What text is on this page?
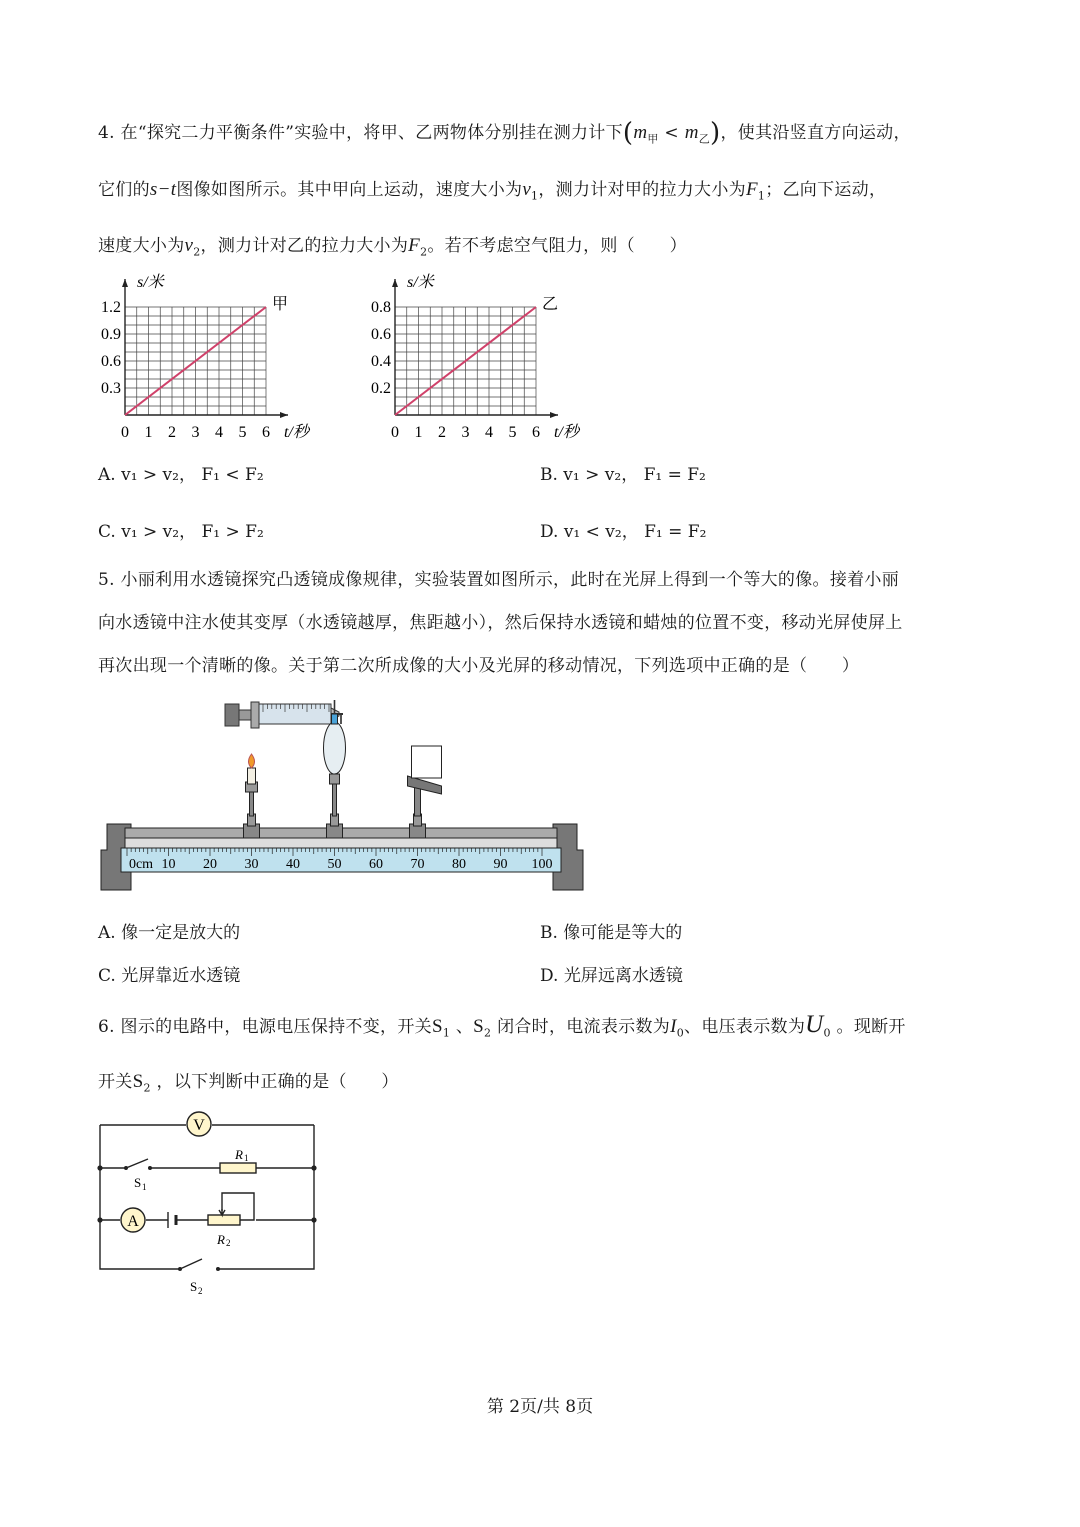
4. 在“探究二力平衡条件”实验中，将甲、乙两物体分别挂在测力计下$(m_甲 < m_乙)$，使其沿竖直方向运动，
它们的s−t图像如图所示。其中甲向上运动，速度大小为$v_1$，测力计对甲的拉力大小为$F_1$；乙向下运动，
速度大小为$v_2$，测力计对乙的拉力大小为$F_2$。若不考虑空气阻力，则（　　）
0 1 2 3 4 5 6
0.3
0.6
0.9
1.2
s/米
t/秒
甲
0 1 2 3 4 5 6
0.2
0.4
0.6
0.8
s/米
t/秒
乙
A. v₁ > v₂， F₁ < F₂	B. v₁ > v₂， F₁ = F₂
C. v₁ > v₂， F₁ > F₂	D. v₁ < v₂， F₁ = F₂
5. 小丽利用水透镜探究凸透镜成像规律，实验装置如图所示，此时在光屏上得到一个等大的像。接着小丽
向水透镜中注水使其变厚（水透镜越厚，焦距越小），然后保持水透镜和蜡烛的位置不变，移动光屏使屏上
再次出现一个清晰的像。关于第二次所成像的大小及光屏的移动情况，下列选项中正确的是（　　）
0cm 10 20 30 40 50 60 70 80 90 100
A. 像一定是放大的	B. 像可能是等大的
C. 光屏靠近水透镜	D. 光屏远离水透镜
6. 图示的电路中，电源电压保持不变，开关$S_1$ 、$S_2$ 闭合时，电流表示数为$I_0$、电压表示数为$U_0$ 。现断开
开关$S_2$ ，以下判断中正确的是（　　）
V
A
R 1
R 2
S 1
S 2
第 2页/共 8页
